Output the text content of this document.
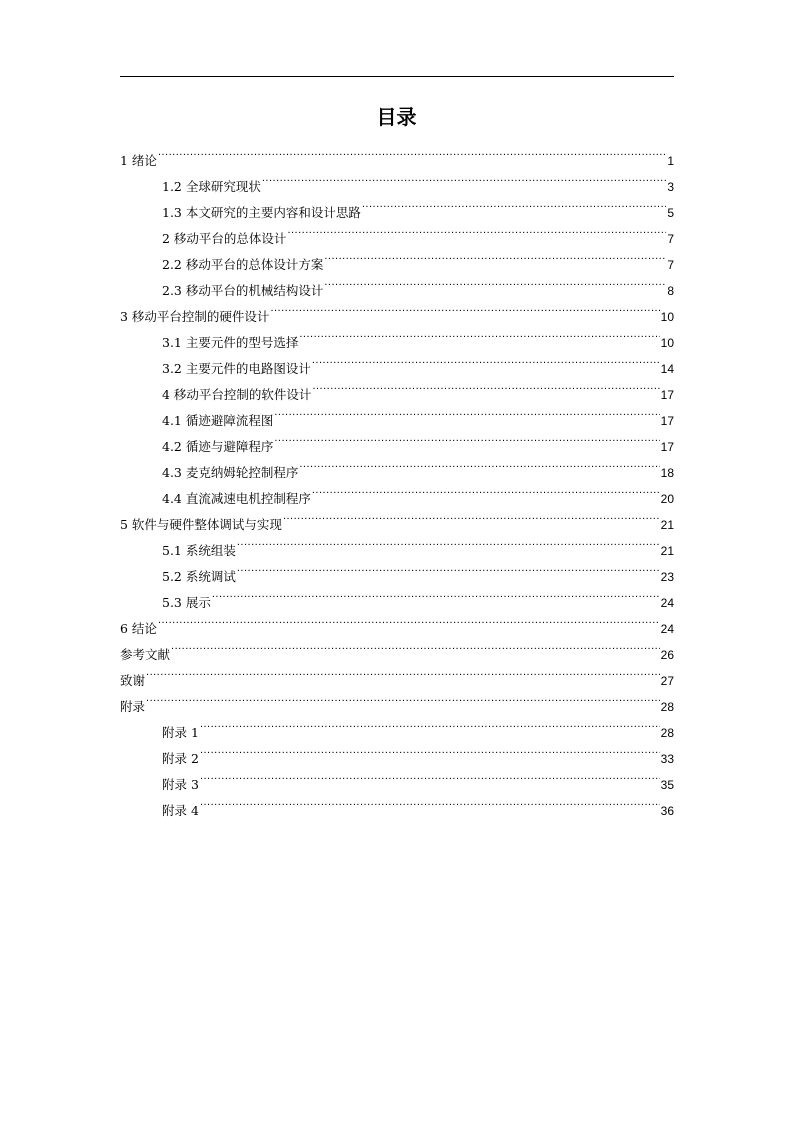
目录
1 绪论 .....	1
1.2 全球研究现状 .....	3
1.3 本文研究的主要内容和设计思路 .....	5
2 移动平台的总体设计 .....	7
2.2 移动平台的总体设计方案 .....	7
2.3 移动平台的机械结构设计 .....	8
3 移动平台控制的硬件设计 .....	10
3.1 主要元件的型号选择 .....	10
3.2 主要元件的电路图设计 .....	14
4 移动平台控制的软件设计 .....	17
4.1 循迹避障流程图 .....	17
4.2 循迹与避障程序 .....	17
4.3 麦克纳姆轮控制程序 .....	18
4.4 直流减速电机控制程序 .....	20
5 软件与硬件整体调试与实现 .....	21
5.1 系统组装 .....	21
5.2 系统调试 .....	23
5.3 展示 .....	24
6 结论 .....	24
参考文献 .....	26
致谢 .....	27
附录 .....	28
附录 1 .....	28
附录 2 .....	33
附录 3 .....	35
附录 4 .....	36
